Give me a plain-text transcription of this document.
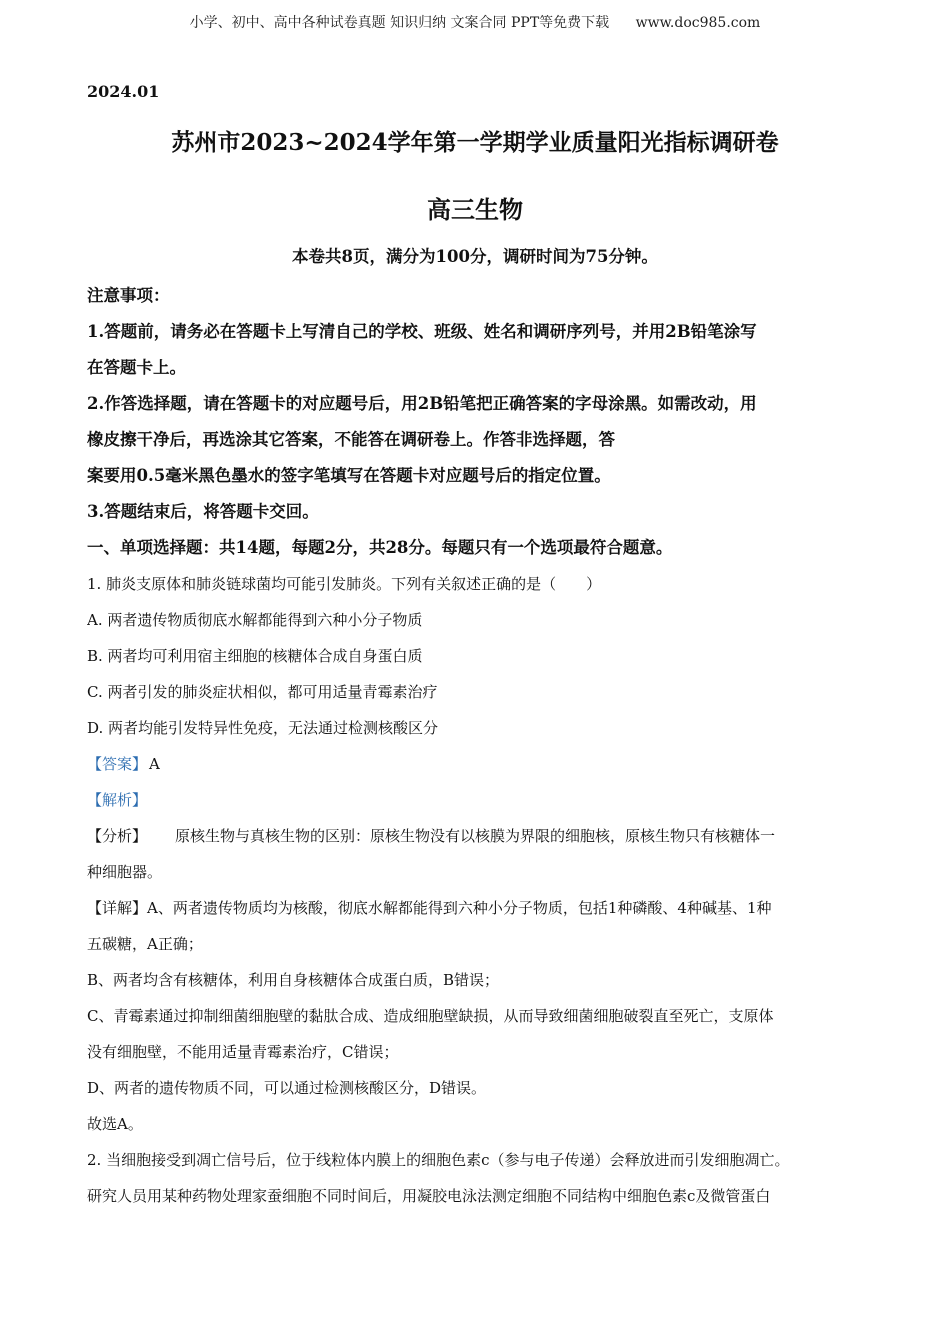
小学、初中、高中各种试卷真题 知识归纳 文案合同 PPT等免费下载 www.doc985.com
2024.01
苏州市2023~2024学年第一学期学业质量阳光指标调研卷
高三生物
本卷共8页，满分为100分，调研时间为75分钟。
注意事项：
1.答题前，请务必在答题卡上写清自己的学校、班级、姓名和调研序列号，并用2B铅笔涂写
在答题卡上。
2.作答选择题，请在答题卡的对应题号后，用2B铅笔把正确答案的字母涂黑。如需改动，用
橡皮擦干净后，再选涂其它答案，不能答在调研卷上。作答非选择题，答
案要用0.5毫米黑色墨水的签字笔填写在答题卡对应题号后的指定位置。
3.答题结束后，将答题卡交回。
一、单项选择题：共14题，每题2分，共28分。每题只有一个选项最符合题意。
1. 肺炎支原体和肺炎链球菌均可能引发肺炎。下列有关叙述正确的是（　　）
A. 两者遗传物质彻底水解都能得到六种小分子物质
B. 两者均可利用宿主细胞的核糖体合成自身蛋白质
C. 两者引发的肺炎症状相似，都可用适量青霉素治疗
D. 两者均能引发特异性免疫，无法通过检测核酸区分
【答案】 A
【解析】
【分析】 原核生物与真核生物的区别：原核生物没有以核膜为界限的细胞核，原核生物只有核糖体一
种细胞器。
【详解】A、两者遗传物质均为核酸，彻底水解都能得到六种小分子物质，包括1种磷酸、4种碱基、1种
五碳糖，A正确；
B、两者均含有核糖体，利用自身核糖体合成蛋白质，B错误；
C、青霉素通过抑制细菌细胞壁的黏肽合成、造成细胞壁缺损，从而导致细菌细胞破裂直至死亡，支原体
没有细胞壁，不能用适量青霉素治疗，C错误；
D、两者的遗传物质不同，可以通过检测核酸区分，D错误。
故选A。
2. 当细胞接受到凋亡信号后，位于线粒体内膜上的细胞色素c（参与电子传递）会释放进而引发细胞凋亡。
研究人员用某种药物处理家蚕细胞不同时间后，用凝胶电泳法测定细胞不同结构中细胞色素c及微管蛋白
